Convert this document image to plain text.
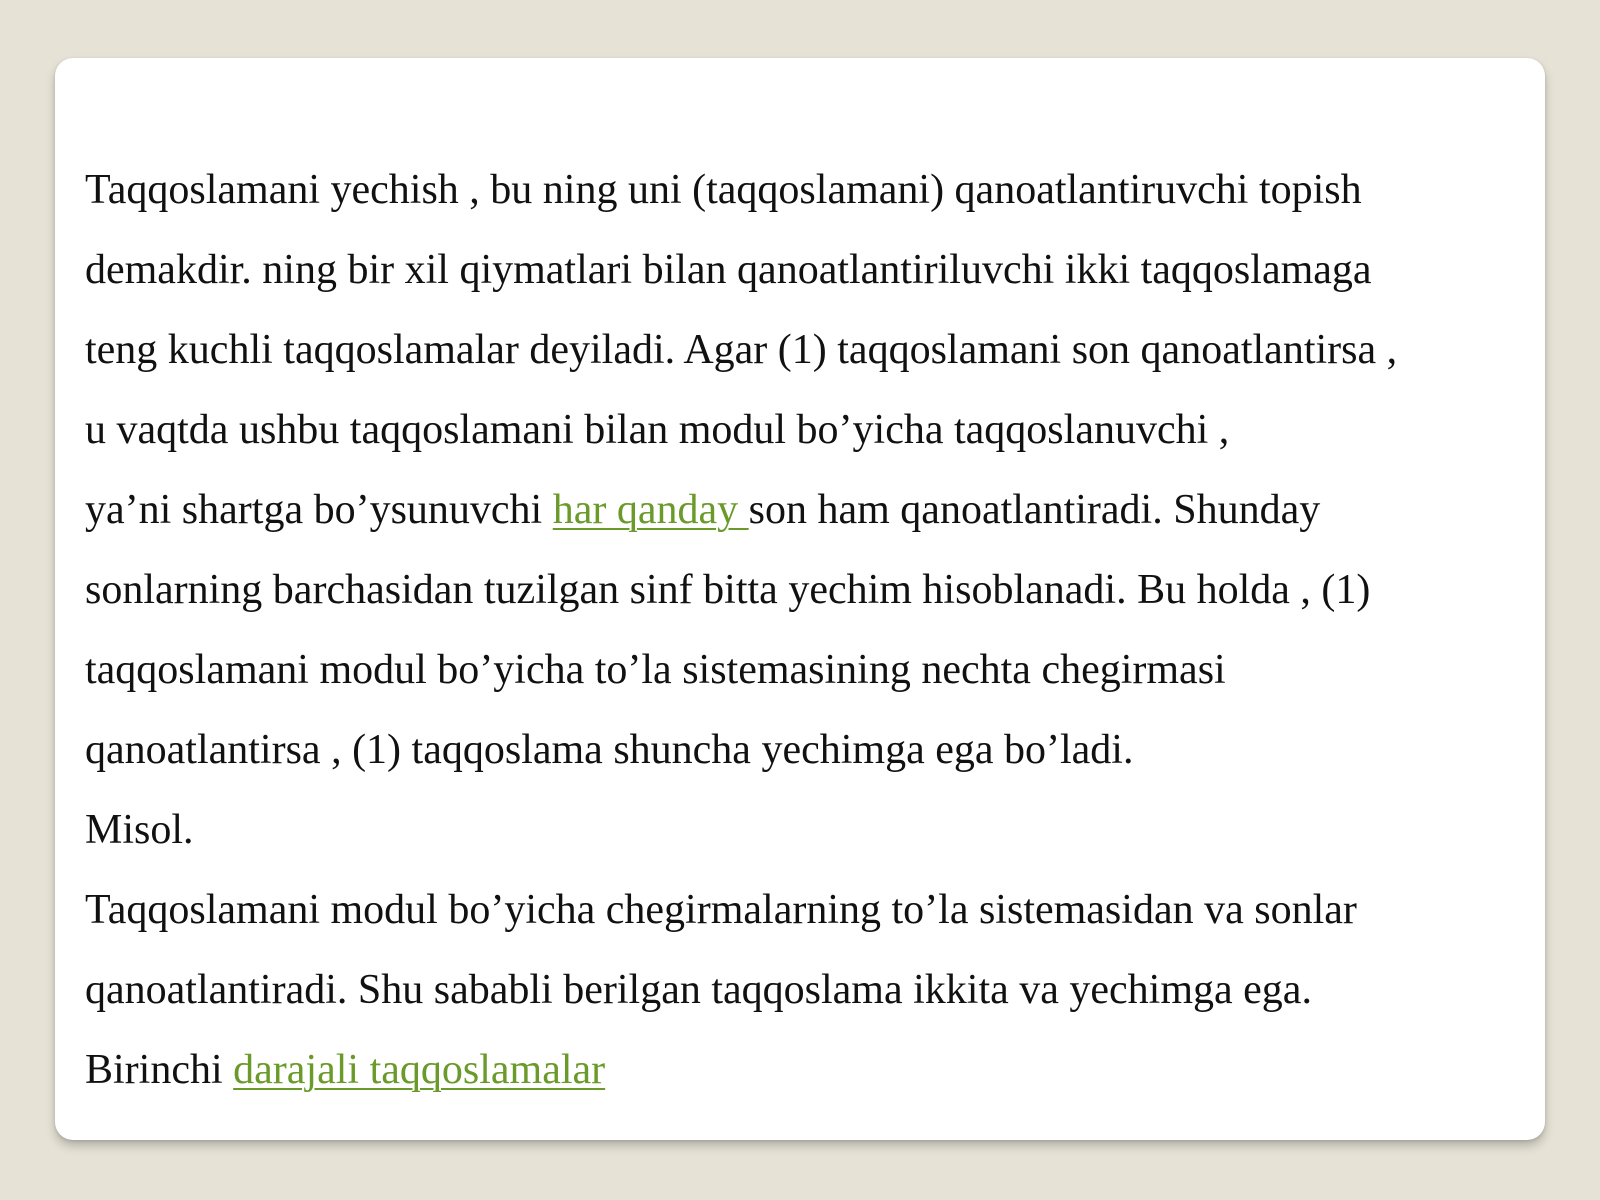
Taqqoslamani yechish , bu ning uni (taqqoslamani) qanoatlantiruvchi topish

demakdir. ning bir xil qiymatlari bilan qanoatlantiriluvchi ikki taqqoslamaga

teng kuchli taqqoslamalar deyiladi. Agar (1) taqqoslamani son qanoatlantirsa ,

u vaqtda ushbu taqqoslamani bilan modul bo’yicha taqqoslanuvchi ,

ya’ni shartga bo’ysunuvchi har qanday son ham qanoatlantiradi. Shunday

sonlarning barchasidan tuzilgan sinf bitta yechim hisoblanadi. Bu holda , (1)

taqqoslamani modul bo’yicha to’la sistemasining nechta chegirmasi

qanoatlantirsa , (1) taqqoslama shuncha yechimga ega bo’ladi.

Misol.

Taqqoslamani modul bo’yicha chegirmalarning to’la sistemasidan va sonlar

qanoatlantiradi. Shu sababli berilgan taqqoslama ikkita va yechimga ega.

Birinchi darajali taqqoslamalar
